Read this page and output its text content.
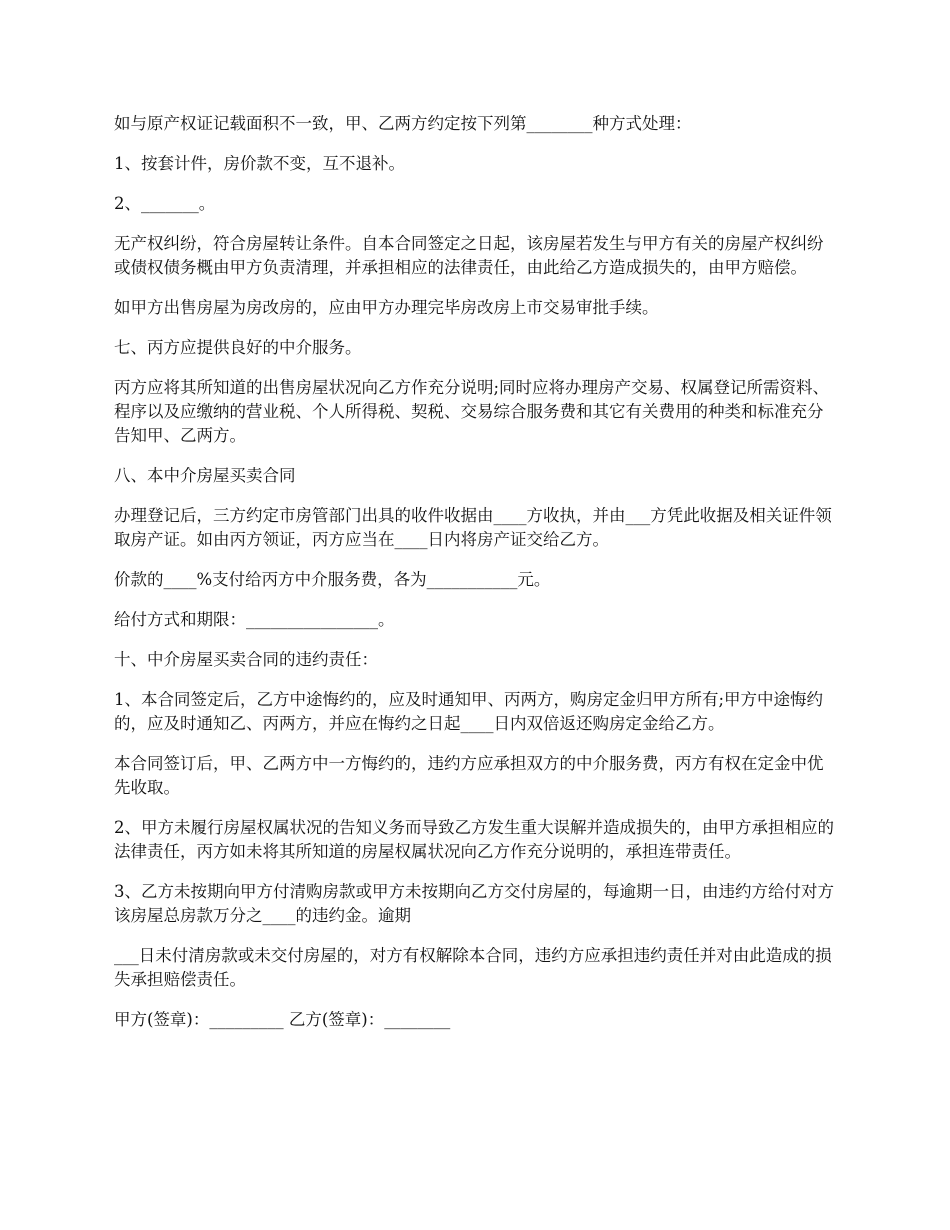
如与原产权证记载面积不一致，甲、乙两方约定按下列第________种方式处理：

1、按套计件，房价款不变，互不退补。

2、_______。

无产权纠纷，符合房屋转让条件。自本合同签定之日起，该房屋若发生与甲方有关的房屋产权纠纷或债权债务概由甲方负责清理，并承担相应的法律责任，由此给乙方造成损失的，由甲方赔偿。

如甲方出售房屋为房改房的，应由甲方办理完毕房改房上市交易审批手续。

七、丙方应提供良好的中介服务。

丙方应将其所知道的出售房屋状况向乙方作充分说明;同时应将办理房产交易、权属登记所需资料、程序以及应缴纳的营业税、个人所得税、契税、交易综合服务费和其它有关费用的种类和标准充分告知甲、乙两方。

八、本中介房屋买卖合同

办理登记后，三方约定市房管部门出具的收件收据由____方收执，并由___方凭此收据及相关证件领取房产证。如由丙方领证，丙方应当在____日内将房产证交给乙方。

价款的____%支付给丙方中介服务费，各为___________元。

给付方式和期限：________________。

十、中介房屋买卖合同的违约责任：

1、本合同签定后，乙方中途悔约的，应及时通知甲、丙两方，购房定金归甲方所有;甲方中途悔约的，应及时通知乙、丙两方，并应在悔约之日起____日内双倍返还购房定金给乙方。

本合同签订后，甲、乙两方中一方悔约的，违约方应承担双方的中介服务费，丙方有权在定金中优先收取。

2、甲方未履行房屋权属状况的告知义务而导致乙方发生重大误解并造成损失的，由甲方承担相应的法律责任，丙方如未将其所知道的房屋权属状况向乙方作充分说明的，承担连带责任。

3、乙方未按期向甲方付清购房款或甲方未按期向乙方交付房屋的，每逾期一日，由违约方给付对方该房屋总房款万分之____的违约金。逾期

___日未付清房款或未交付房屋的，对方有权解除本合同，违约方应承担违约责任并对由此造成的损失承担赔偿责任。

甲方(签章)：_________ 乙方(签章)：________
